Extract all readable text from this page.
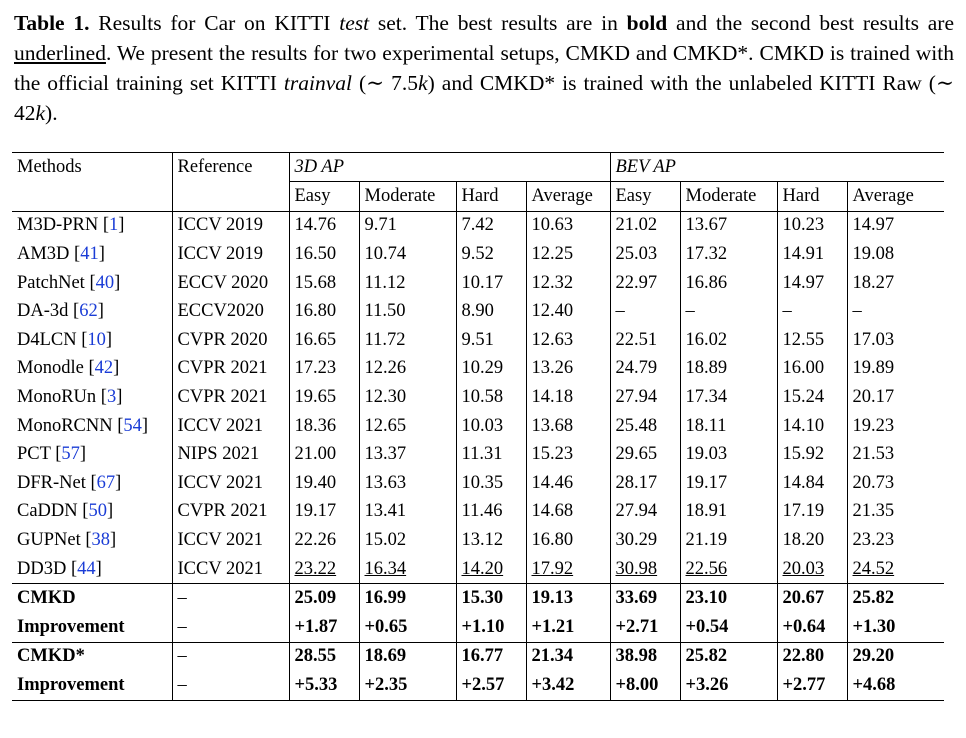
Table 1. Results for Car on KITTI test set. The best results are in bold and the second best results are underlined. We present the results for two experimental setups, CMKD and CMKD*. CMKD is trained with the official training set KITTI trainval (∼ 7.5k) and CMKD* is trained with the unlabeled KITTI Raw (∼ 42k).
Methods	Reference	3D AP				BEV AP			
		Easy	Moderate	Hard	Average	Easy	Moderate	Hard	Average
M3D-PRN [1]	ICCV 2019	14.76	9.71	7.42	10.63	21.02	13.67	10.23	14.97
AM3D [41]	ICCV 2019	16.50	10.74	9.52	12.25	25.03	17.32	14.91	19.08
PatchNet [40]	ECCV 2020	15.68	11.12	10.17	12.32	22.97	16.86	14.97	18.27
DA-3d [62]	ECCV2020	16.80	11.50	8.90	12.40	–	–	–	–
D4LCN [10]	CVPR 2020	16.65	11.72	9.51	12.63	22.51	16.02	12.55	17.03
Monodle [42]	CVPR 2021	17.23	12.26	10.29	13.26	24.79	18.89	16.00	19.89
MonoRUn [3]	CVPR 2021	19.65	12.30	10.58	14.18	27.94	17.34	15.24	20.17
MonoRCNN [54]	ICCV 2021	18.36	12.65	10.03	13.68	25.48	18.11	14.10	19.23
PCT [57]	NIPS 2021	21.00	13.37	11.31	15.23	29.65	19.03	15.92	21.53
DFR-Net [67]	ICCV 2021	19.40	13.63	10.35	14.46	28.17	19.17	14.84	20.73
CaDDN [50]	CVPR 2021	19.17	13.41	11.46	14.68	27.94	18.91	17.19	21.35
GUPNet [38]	ICCV 2021	22.26	15.02	13.12	16.80	30.29	21.19	18.20	23.23
DD3D [44]	ICCV 2021	23.22	16.34	14.20	17.92	30.98	22.56	20.03	24.52
CMKD	–	25.09	16.99	15.30	19.13	33.69	23.10	20.67	25.82
Improvement	–	+1.87	+0.65	+1.10	+1.21	+2.71	+0.54	+0.64	+1.30
CMKD*	–	28.55	18.69	16.77	21.34	38.98	25.82	22.80	29.20
Improvement	–	+5.33	+2.35	+2.57	+3.42	+8.00	+3.26	+2.77	+4.68
